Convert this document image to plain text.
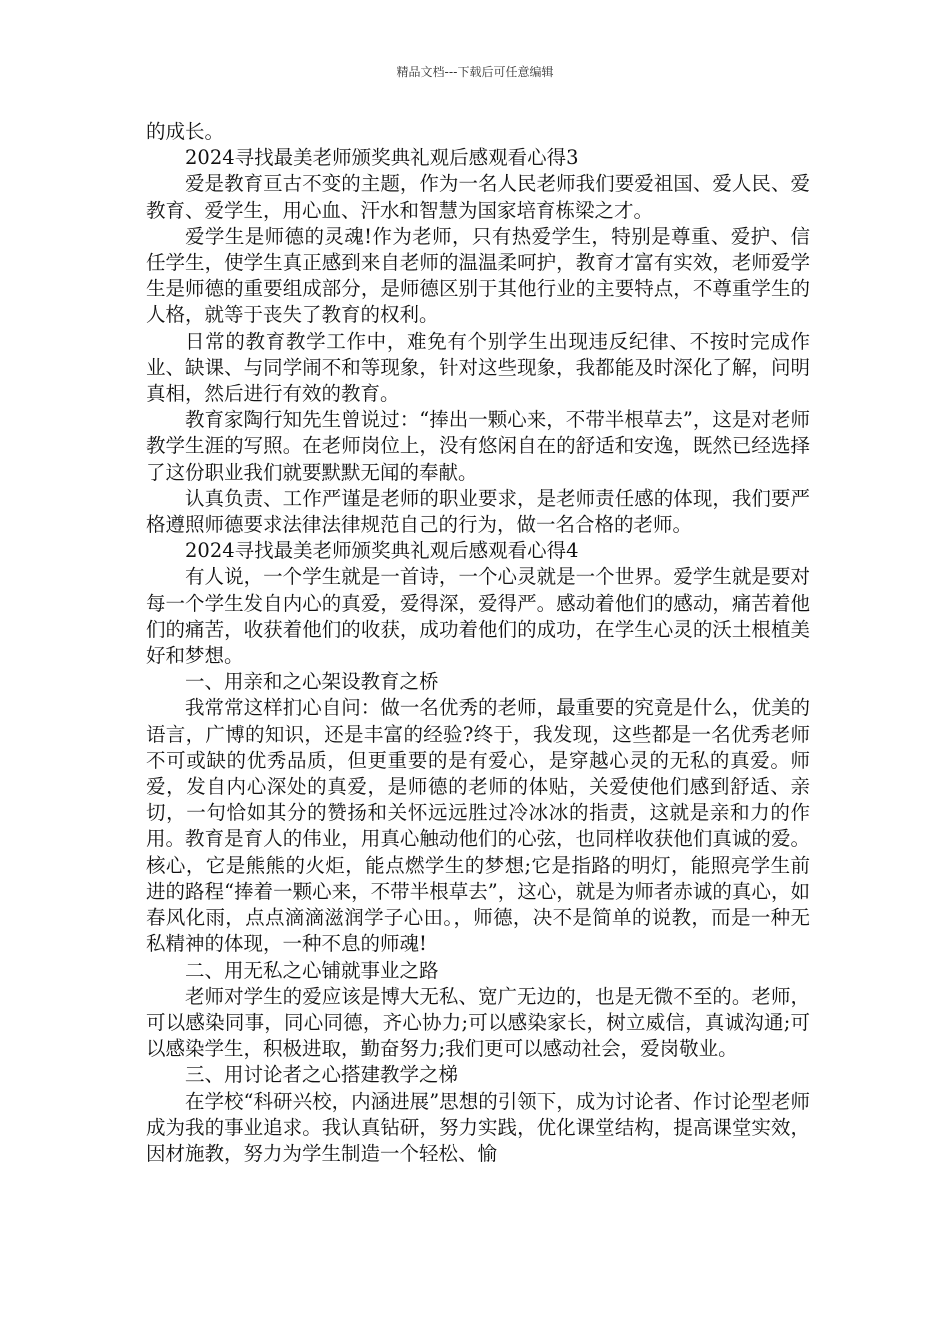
精品文档---下载后可任意编辑

的成长。

2024寻找最美老师颁奖典礼观后感观看心得3

爱是教育亘古不变的主题，作为一名人民老师我们要爱祖国、爱人民、爱教育、爱学生，用心血、汗水和智慧为国家培育栋梁之才。

爱学生是师德的灵魂!作为老师，只有热爱学生，特别是尊重、爱护、信任学生，使学生真正感到来自老师的温温柔呵护，教育才富有实效，老师爱学生是师德的重要组成部分，是师德区别于其他行业的主要特点，不尊重学生的人格，就等于丧失了教育的权利。

日常的教育教学工作中，难免有个别学生出现违反纪律、不按时完成作业、缺课、与同学闹不和等现象，针对这些现象，我都能及时深化了解，问明真相，然后进行有效的教育。

教育家陶行知先生曾说过：“捧出一颗心来，不带半根草去”，这是对老师教学生涯的写照。在老师岗位上，没有悠闲自在的舒适和安逸，既然已经选择了这份职业我们就要默默无闻的奉献。

认真负责、工作严谨是老师的职业要求，是老师责任感的体现，我们要严格遵照师德要求法律法律规范自己的行为，做一名合格的老师。

2024寻找最美老师颁奖典礼观后感观看心得4

有人说，一个学生就是一首诗，一个心灵就是一个世界。爱学生就是要对每一个学生发自内心的真爱，爱得深，爱得严。感动着他们的感动，痛苦着他们的痛苦，收获着他们的收获，成功着他们的成功，在学生心灵的沃土根植美好和梦想。

一、用亲和之心架设教育之桥

我常常这样扪心自问：做一名优秀的老师，最重要的究竟是什么，优美的语言，广博的知识，还是丰富的经验?终于，我发现，这些都是一名优秀老师不可或缺的优秀品质，但更重要的是有爱心，是穿越心灵的无私的真爱。师爱，发自内心深处的真爱，是师德的老师的体贴，关爱使他们感到舒适、亲切，一句恰如其分的赞扬和关怀远远胜过冷冰冰的指责，这就是亲和力的作用。教育是育人的伟业，用真心触动他们的心弦，也同样收获他们真诚的爱。核心，它是熊熊的火炬，能点燃学生的梦想;它是指路的明灯，能照亮学生前进的路程“捧着一颗心来，不带半根草去”，这心，就是为师者赤诚的真心，如春风化雨，点点滴滴滋润学子心田。，师德，决不是简单的说教，而是一种无私精神的体现，一种不息的师魂!

二、用无私之心铺就事业之路

老师对学生的爱应该是博大无私、宽广无边的，也是无微不至的。老师，可以感染同事，同心同德，齐心协力;可以感染家长，树立威信，真诚沟通;可以感染学生，积极进取，勤奋努力;我们更可以感动社会，爱岗敬业。

三、用讨论者之心搭建教学之梯

在学校“科研兴校，内涵进展”思想的引领下，成为讨论者、作讨论型老师成为我的事业追求。我认真钻研，努力实践，优化课堂结构，提高课堂实效，因材施教，努力为学生制造一个轻松、愉
